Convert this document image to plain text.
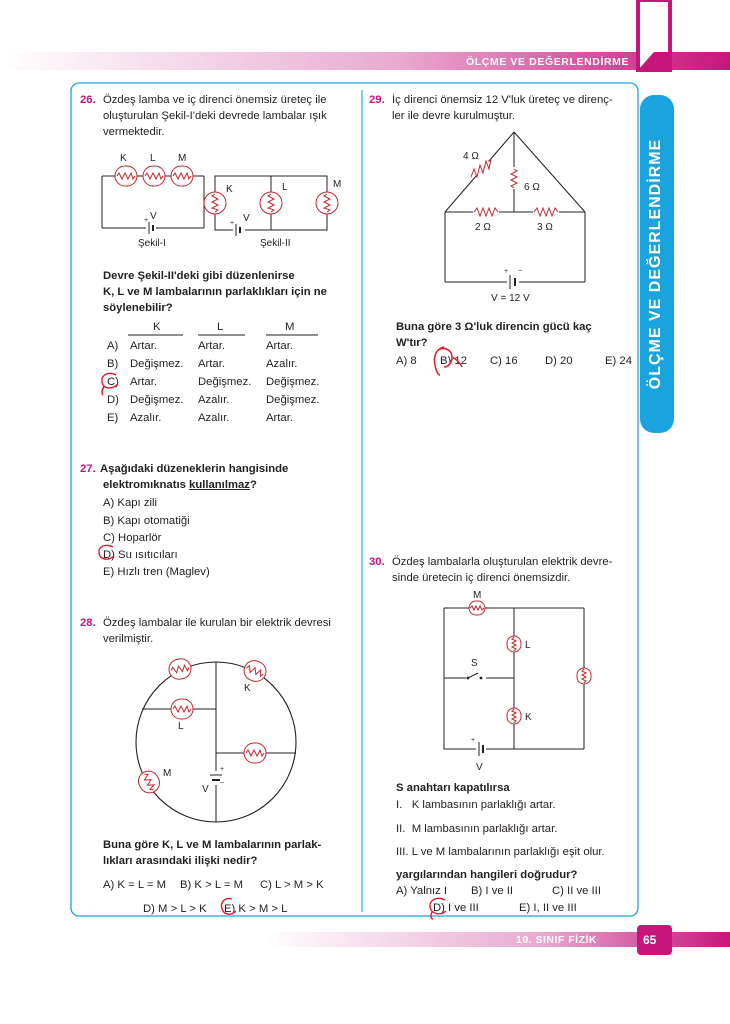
ÖLÇME VE DEĞERLENDİRME
ÖLÇME VE DEĞERLENDİRME
10. SINIF FİZİK	65
26. Özdeş lamba ve iç direnci önemsiz üreteç ile
oluşturulan Şekil-I'deki devrede lambalar ışık
vermektedir.
+
K L M
V
Şekil-I
+
K	L	M
V
Şekil-II
Devre Şekil-II'deki gibi düzenlenirse
K, L ve M lambalarının parlaklıkları için ne
söylenebilir?
K	L	M
A) Artar.	Artar.	Artar.
B) Değişmez. Artar.	Azalır.
C) Artar.	Değişmez. Değişmez.
D) Değişmez. Azalır.	Değişmez.
E) Azalır.	Azalır.	Artar.
27. Aşağıdaki düzeneklerin hangisinde
elektromıknatıs kullanılmaz?
A) Kapı zili
B) Kapı otomatiği
C) Hoparlör
D) Su ısıtıcıları
E) Hızlı tren (Maglev)
28. Özdeş lambalar ile kurulan bir elektrik devresi
verilmiştir.
+
−
K
L
M
V
Buna göre K, L ve M lambalarının parlak-
lıkları arasındaki ilişki nedir?
A) K = L = M B) K > L = M C) L > M > K
D) M > L > K E) K > M > L
29. İç direnci önemsiz 12 V'luk üreteç ve direnç-
ler ile devre kurulmuştur.
+ −
4 Ω
6 Ω
2 Ω	3 Ω
V = 12 V
Buna göre 3 Ω'luk direncin gücü kaç
W'tır?
A) 8 B) 12 C) 16 D) 20	E) 24
30. Özdeş lambalarla oluşturulan elektrik devre-
sinde üretecin iç direnci önemsizdir.
+
M
L
S
K
V
S anahtarı kapatılırsa
I.   K lambasının parlaklığı artar.
II.  M lambasının parlaklığı artar.
III. L ve M lambalarının parlaklığı eşit olur.
yargılarından hangileri doğrudur?
A) Yalnız I B) I ve II	C) II ve III
D) I ve III	E) I, II ve III
